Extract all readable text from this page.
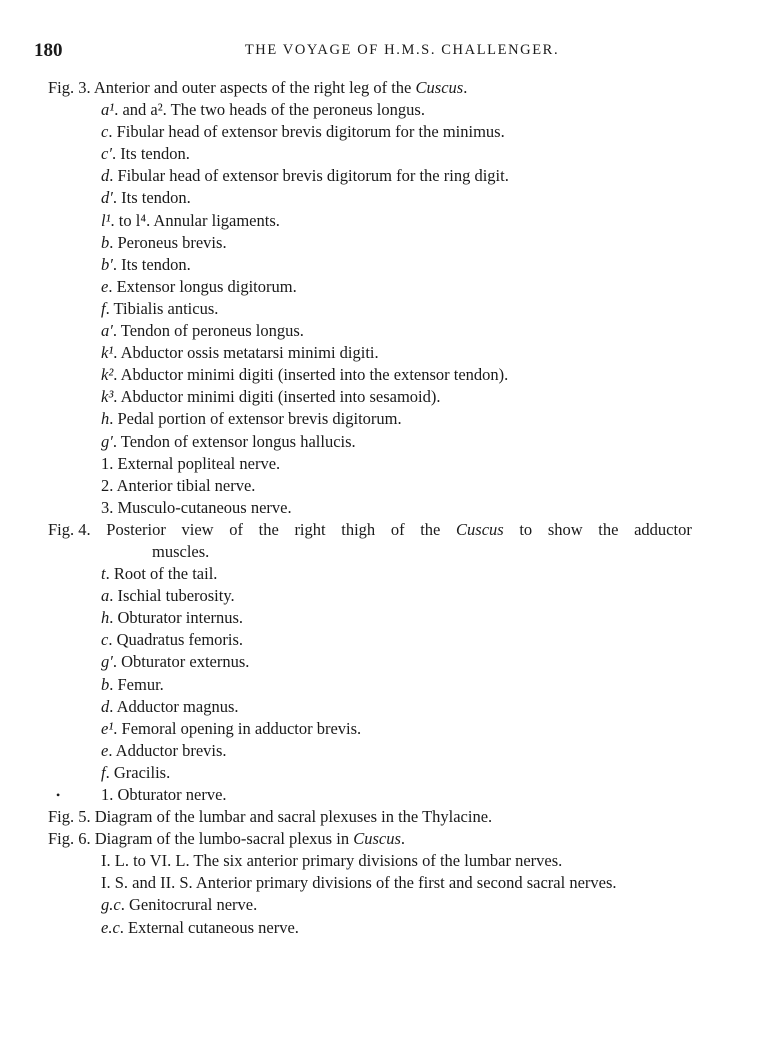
180	THE VOYAGE OF H.M.S. CHALLENGER.
Fig. 3. Anterior and outer aspects of the right leg of the Cuscus.
a¹. and a². The two heads of the peroneus longus.
c. Fibular head of extensor brevis digitorum for the minimus.
c′. Its tendon.
d. Fibular head of extensor brevis digitorum for the ring digit.
d′. Its tendon.
l¹. to l⁴. Annular ligaments.
b. Peroneus brevis.
b′. Its tendon.
e. Extensor longus digitorum.
f. Tibialis anticus.
a′. Tendon of peroneus longus.
k¹. Abductor ossis metatarsi minimi digiti.
k². Abductor minimi digiti (inserted into the extensor tendon).
k³. Abductor minimi digiti (inserted into sesamoid).
h. Pedal portion of extensor brevis digitorum.
g′. Tendon of extensor longus hallucis.
1. External popliteal nerve.
2. Anterior tibial nerve.
3. Musculo-cutaneous nerve.
Fig. 4. Posterior view of the right thigh of the Cuscus to show the adductor
muscles.
t. Root of the tail.
a. Ischial tuberosity.
h. Obturator internus.
c. Quadratus femoris.
g′. Obturator externus.
b. Femur.
d. Adductor magnus.
e¹. Femoral opening in adductor brevis.
e. Adductor brevis.
f. Gracilis.
1. Obturator nerve.
Fig. 5. Diagram of the lumbar and sacral plexuses in the Thylacine.
Fig. 6. Diagram of the lumbo-sacral plexus in Cuscus.
I. L. to VI. L. The six anterior primary divisions of the lumbar nerves.
I. S. and II. S. Anterior primary divisions of the first and second sacral nerves.
g.c. Genitocrural nerve.
e.c. External cutaneous nerve.
•
